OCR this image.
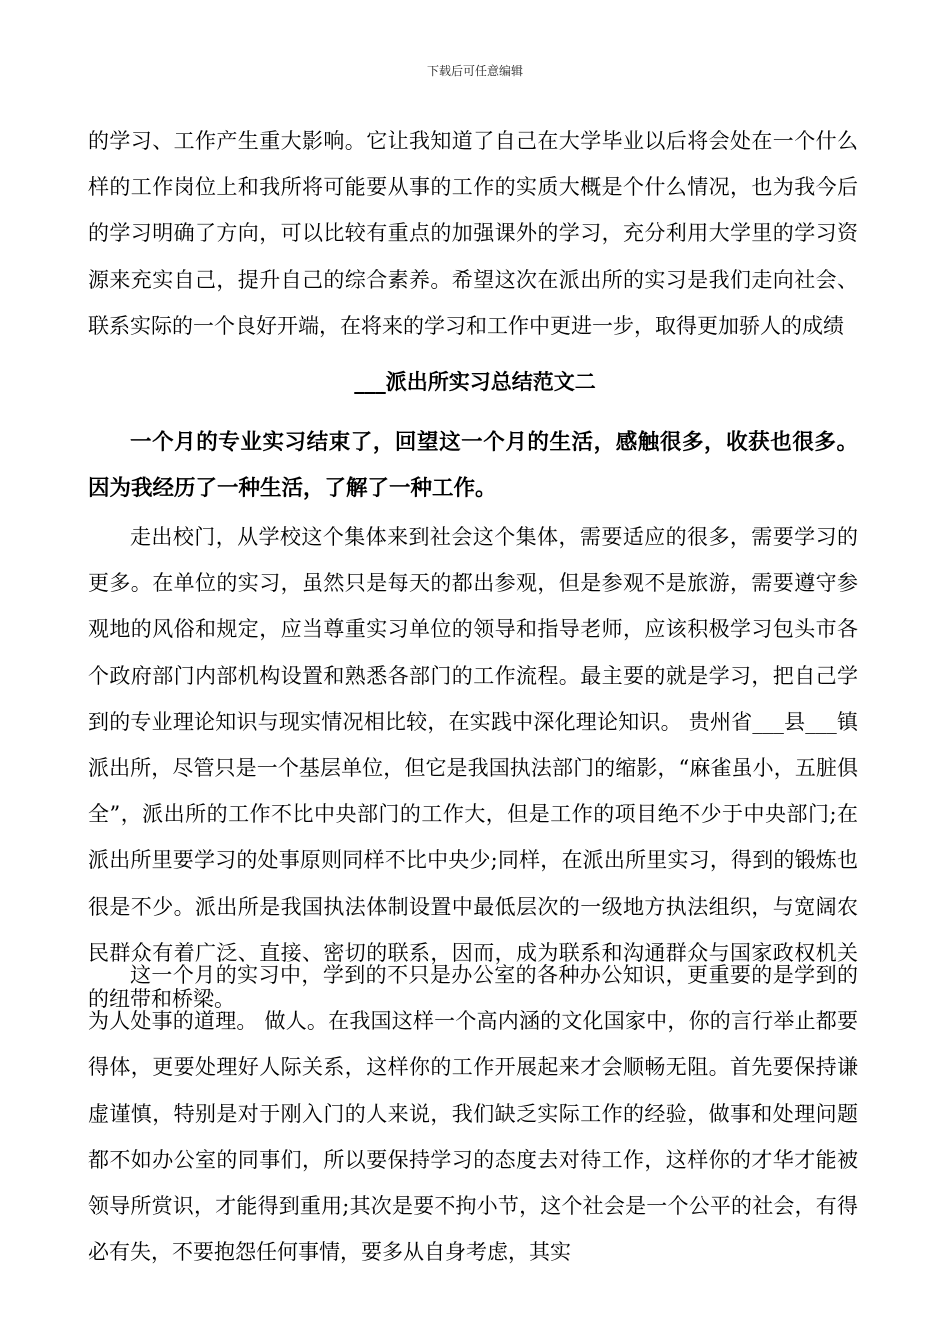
下载后可任意编辑
的学习、工作产生重大影响。它让我知道了自己在大学毕业以后将会处在一个什么样的工作岗位上和我所将可能要从事的工作的实质大概是个什么情况，也为我今后的学习明确了方向，可以比较有重点的加强课外的学习，充分利用大学里的学习资源来充实自己，提升自己的综合素养。希望这次在派出所的实习是我们走向社会、联系实际的一个良好开端，在将来的学习和工作中更进一步，取得更加骄人的成绩
___派出所实习总结范文二
一个月的专业实习结束了，回望这一个月的生活，感触很多，收获也很多。因为我经历了一种生活，了解了一种工作。
走出校门，从学校这个集体来到社会这个集体，需要适应的很多，需要学习的更多。在单位的实习，虽然只是每天的都出参观，但是参观不是旅游，需要遵守参观地的风俗和规定，应当尊重实习单位的领导和指导老师，应该积极学习包头市各个政府部门内部机构设置和熟悉各部门的工作流程。最主要的就是学习，把自己学到的专业理论知识与现实情况相比较，在实践中深化理论知识。 贵州省___县___镇派出所，尽管只是一个基层单位，但它是我国执法部门的缩影，“麻雀虽小，五脏俱全”，派出所的工作不比中央部门的工作大，但是工作的项目绝不少于中央部门;在派出所里要学习的处事原则同样不比中央少;同样，在派出所里实习，得到的锻炼也很是不少。派出所是我国执法体制设置中最低层次的一级地方执法组织，与宽阔农民群众有着广泛、直接、密切的联系，因而，成为联系和沟通群众与国家政权机关的纽带和桥梁。
这一个月的实习中，学到的不只是办公室的各种办公知识，更重要的是学到的为人处事的道理。 做人。在我国这样一个高内涵的文化国家中，你的言行举止都要得体，更要处理好人际关系，这样你的工作开展起来才会顺畅无阻。首先要保持谦虚谨慎，特别是对于刚入门的人来说，我们缺乏实际工作的经验，做事和处理问题都不如办公室的同事们，所以要保持学习的态度去对待工作，这样你的才华才能被领导所赏识，才能得到重用;其次是要不拘小节，这个社会是一个公平的社会，有得必有失，不要抱怨任何事情，要多从自身考虑，其实
